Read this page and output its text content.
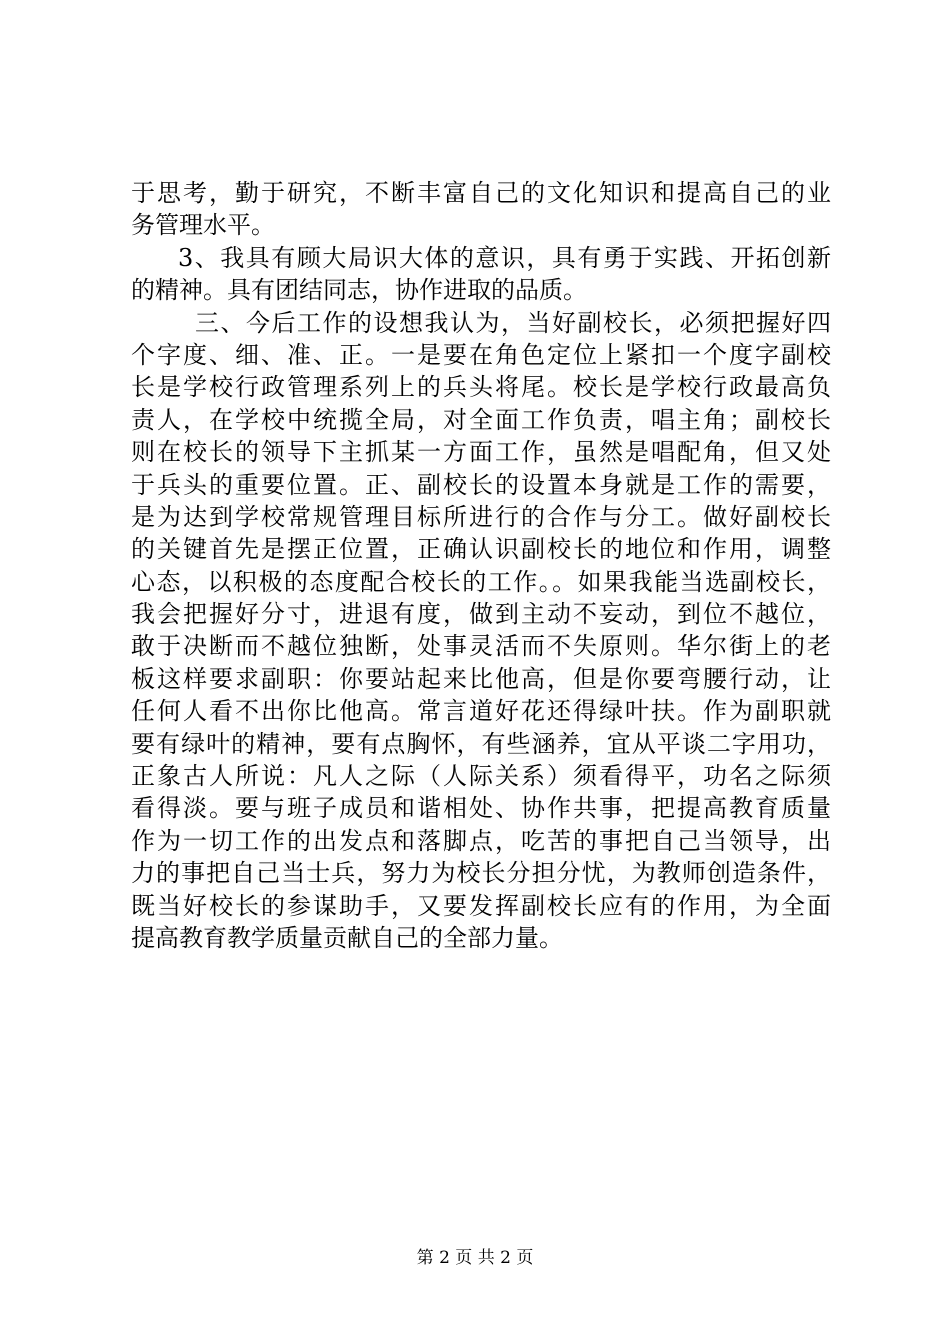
于思考，勤于研究，不断丰富自己的文化知识和提高自己的业
务管理水平。
3、我具有顾大局识大体的意识，具有勇于实践、开拓创新
的精神。具有团结同志，协作进取的品质。
三、今后工作的设想我认为，当好副校长，必须把握好四
个字度、细、准、正。一是要在角色定位上紧扣一个度字副校
长是学校行政管理系列上的兵头将尾。校长是学校行政最高负
责人，在学校中统揽全局，对全面工作负责，唱主角；副校长
则在校长的领导下主抓某一方面工作，虽然是唱配角，但又处
于兵头的重要位置。正、副校长的设置本身就是工作的需要，
是为达到学校常规管理目标所进行的合作与分工。做好副校长
的关键首先是摆正位置，正确认识副校长的地位和作用，调整
心态，以积极的态度配合校长的工作。。如果我能当选副校长，
我会把握好分寸，进退有度，做到主动不妄动，到位不越位，
敢于决断而不越位独断，处事灵活而不失原则。华尔街上的老
板这样要求副职：你要站起来比他高，但是你要弯腰行动，让
任何人看不出你比他高。常言道好花还得绿叶扶。作为副职就
要有绿叶的精神，要有点胸怀，有些涵养，宜从平谈二字用功，
正象古人所说：凡人之际（人际关系）须看得平，功名之际须
看得淡。要与班子成员和谐相处、协作共事，把提高教育质量
作为一切工作的出发点和落脚点，吃苦的事把自己当领导，出
力的事把自己当士兵，努力为校长分担分忧，为教师创造条件，
既当好校长的参谋助手，又要发挥副校长应有的作用，为全面
提高教育教学质量贡献自己的全部力量。
第 2 页 共 2 页
